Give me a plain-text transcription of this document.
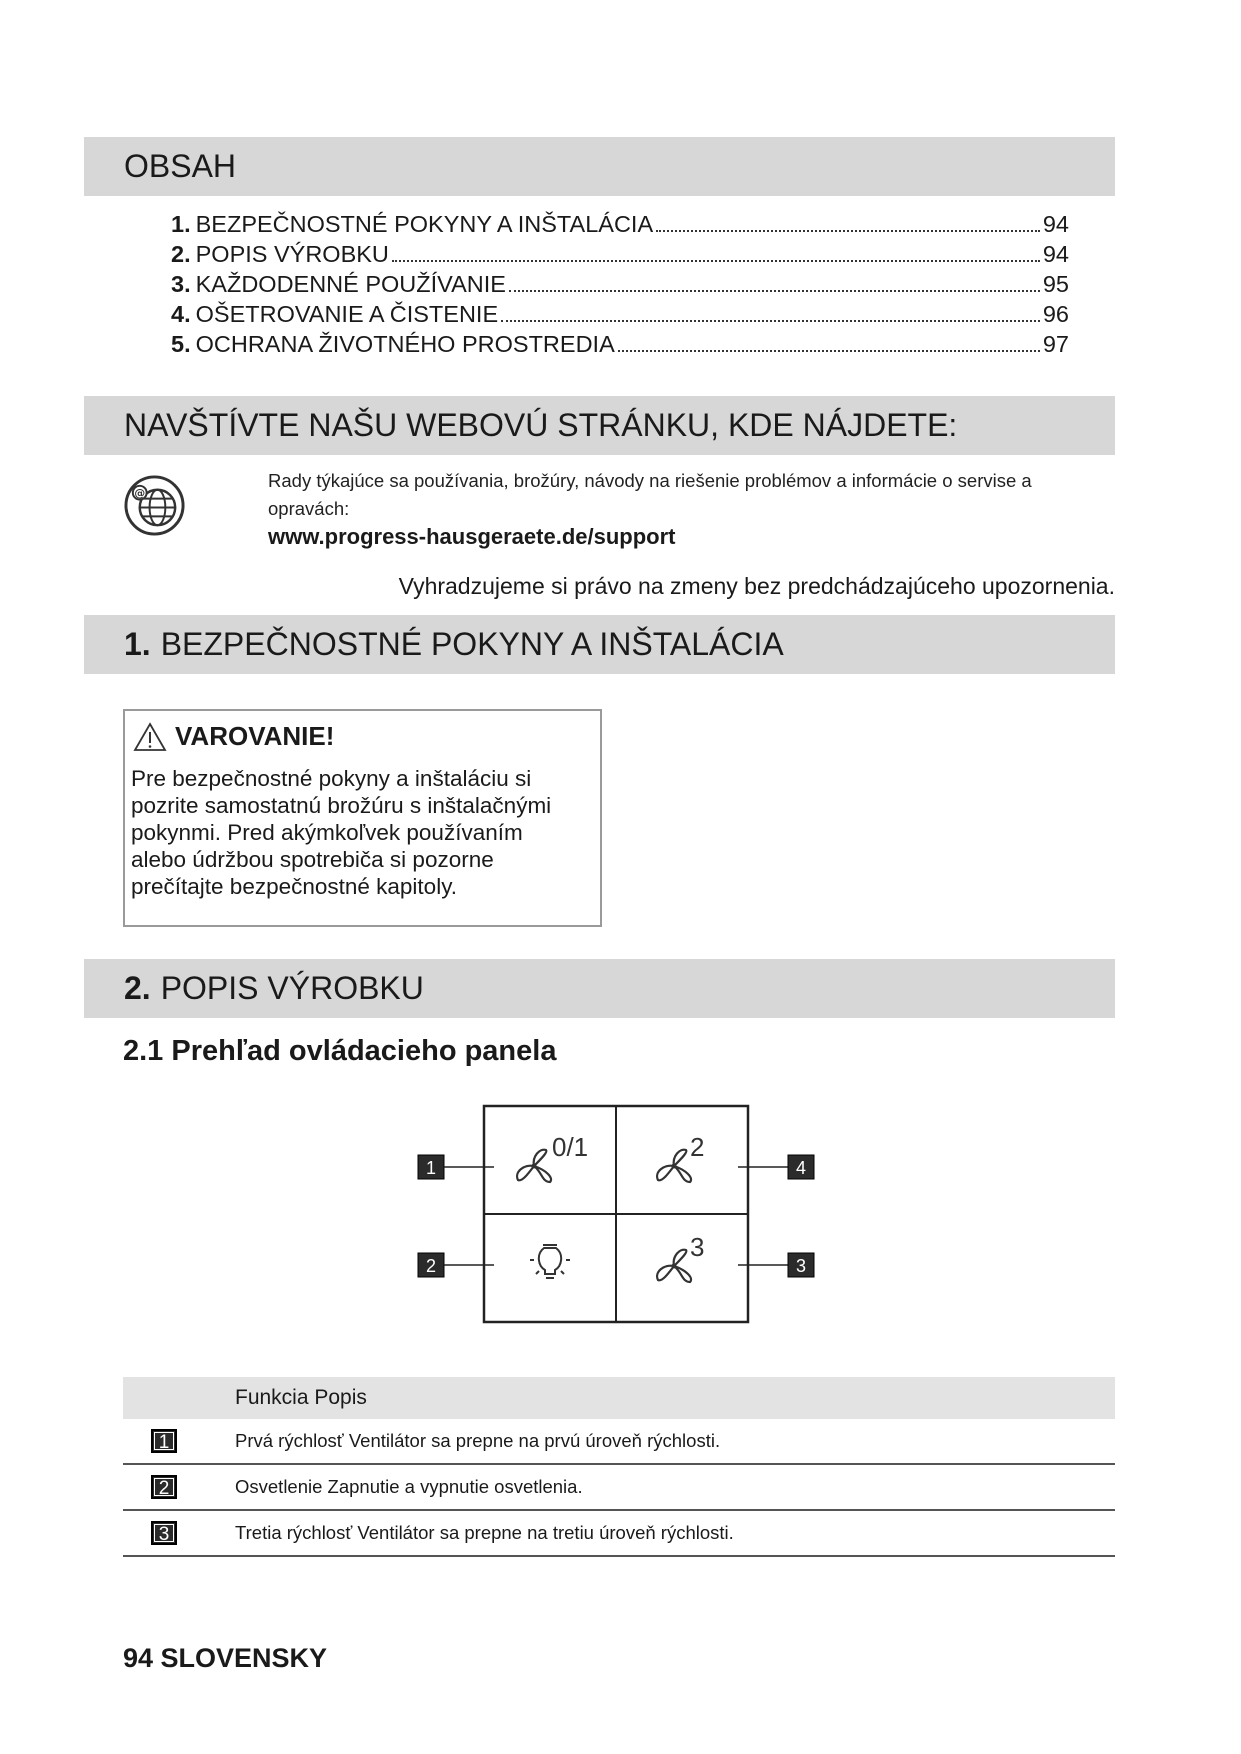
OBSAH
1. BEZPEČNOSTNÉ POKYNY A INŠTALÁCIA	94
2. POPIS VÝROBKU	94
3. KAŽDODENNÉ POUŽÍVANIE	95
4. OŠETROVANIE A ČISTENIE	96
5. OCHRANA ŽIVOTNÉHO PROSTREDIA	97
NAVŠTÍVTE NAŠU WEBOVÚ STRÁNKU, KDE NÁJDETE:
@
Rady týkajúce sa používania, brožúry, návody na riešenie problémov a informácie o servise a opravách:
www.progress-hausgeraete.de/support
Vyhradzujeme si právo na zmeny bez predchádzajúceho upozornenia.
1. BEZPEČNOSTNÉ POKYNY A INŠTALÁCIA
VAROVANIE!
Pre bezpečnostné pokyny a inštaláciu si pozrite samostatnú brožúru s inštalačnými pokynmi. Pred akýmkoľvek používaním alebo údržbou spotrebiča si pozorne prečítajte bezpečnostné kapitoly.
2. POPIS VÝROBKU
2.1 Prehľad ovládacieho panela
1
2	3
4
0/1	2
3
Funkcia Popis
1	Prvá rýchlosť Ventilátor sa prepne na prvú úroveň rýchlosti.
2	Osvetlenie Zapnutie a vypnutie osvetlenia.
3	Tretia rýchlosť Ventilátor sa prepne na tretiu úroveň rýchlosti.
94 SLOVENSKY
